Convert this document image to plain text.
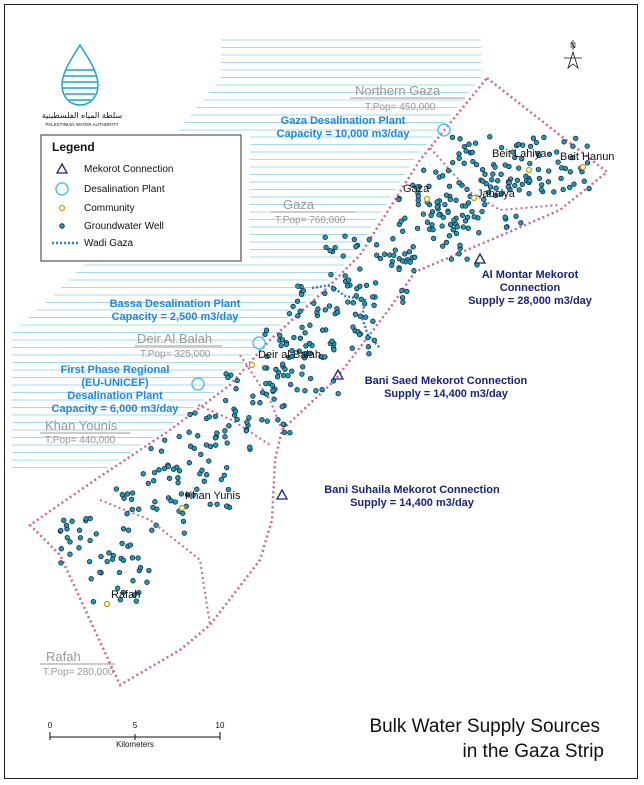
Northern Gaza
T.Pop= 450,000
Gaza
T.Pop= 760,000
Deir.Al.Balah
T.Pop= 325,000
Khan Younis
T.Pop= 440,000
Rafah
T.Pop= 280,000
Beit Lahiya Beit Hanun
Gaza	Jabalya
Deir al Balah
Khan Yunis
Rafah
Gaza Desalination Plant
Capacity = 10,000 m3/day
Bassa Desalination Plant
Capacity = 2,500 m3/day
First Phase Regional
(EU-UNICEF)
Desalination Plant
Capacity = 6,000 m3/day
Al Montar Mekorot
Connection
Supply = 28,000 m3/day
Bani Saed Mekorot Connection
Supply = 14,400 m3/day
Bani Suhaila Mekorot Connection
Supply = 14,400 m3/day
Legend
Mekorot Connection
Desalination Plant
Community
Groundwater Well
Wadi Gaza
سلطة المياه الفلسطينية
PALESTINIAN WATER AUTHORITY
N
0	5	10
Kilometers
Bulk Water Supply Sources
in the Gaza Strip
